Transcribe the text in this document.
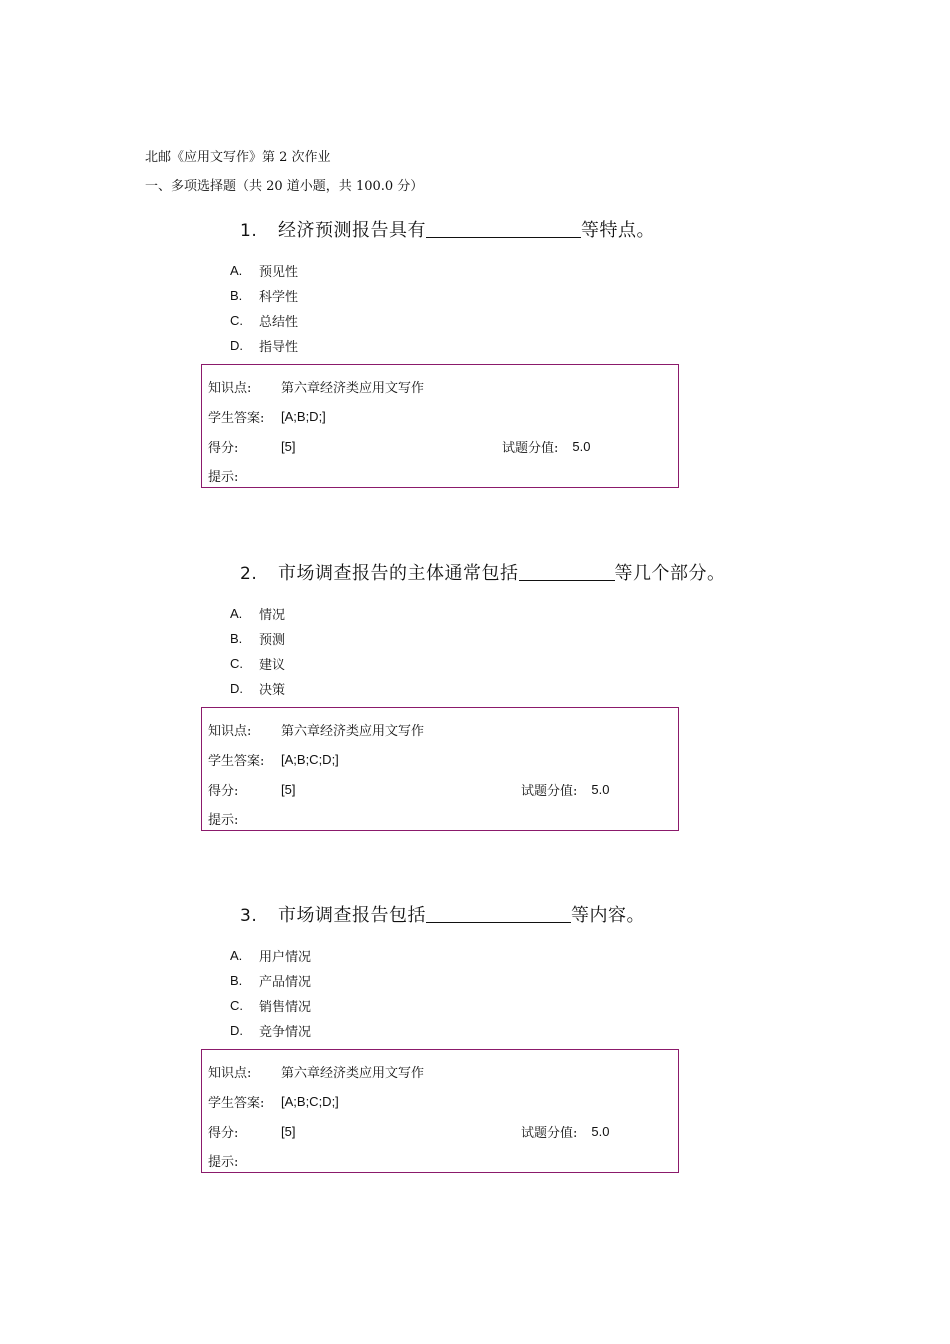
北邮《应用文写作》第 2 次作业
一、多项选择题（共 20 道小题，共 100.0 分）
1. 经济预测报告具有	等特点。
A.	预见性
B.	科学性
C.	总结性
D.	指导性
知识点:	第六章经济类应用文写作
学生答案:	[A;B;D;]
得分:	[5]	试题分值: 5.0
提示:
2. 市场调查报告的主体通常包括	等几个部分。
A.	情况
B.	预测
C.	建议
D.	决策
知识点:	第六章经济类应用文写作
学生答案:	[A;B;C;D;]
得分:	[5]	试题分值: 5.0
提示:
3. 市场调查报告包括	等内容。
A.	用户情况
B.	产品情况
C.	销售情况
D.	竞争情况
知识点:	第六章经济类应用文写作
学生答案:	[A;B;C;D;]
得分:	[5]	试题分值: 5.0
提示:
